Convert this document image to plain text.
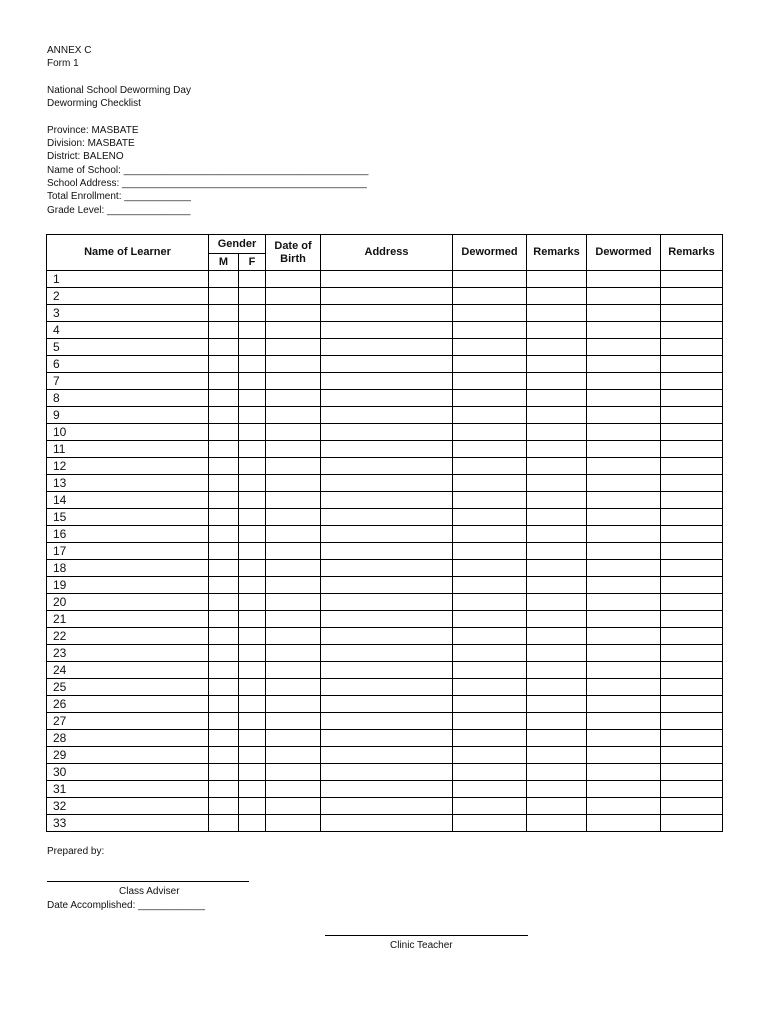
ANNEX C
Form 1
National School Deworming Day
Deworming Checklist
Province: MASBATE
Division: MASBATE
District: BALENO
Name of School: ____________________________________________
School Address: ____________________________________________
Total Enrollment: ____________
Grade Level: _______________
Name of Learner	Gender		Date of Birth	Address	Dewormed	Remarks	Dewormed	Remarks
	M	F						
1								
2								
3								
4								
5								
6								
7								
8								
9								
10								
11								
12								
13								
14								
15								
16								
17								
18								
19								
20								
21								
22								
23								
24								
25								
26								
27								
28								
29								
30								
31								
32								
33								
Prepared by:
Class Adviser
Date Accomplished: ____________
Clinic Teacher
